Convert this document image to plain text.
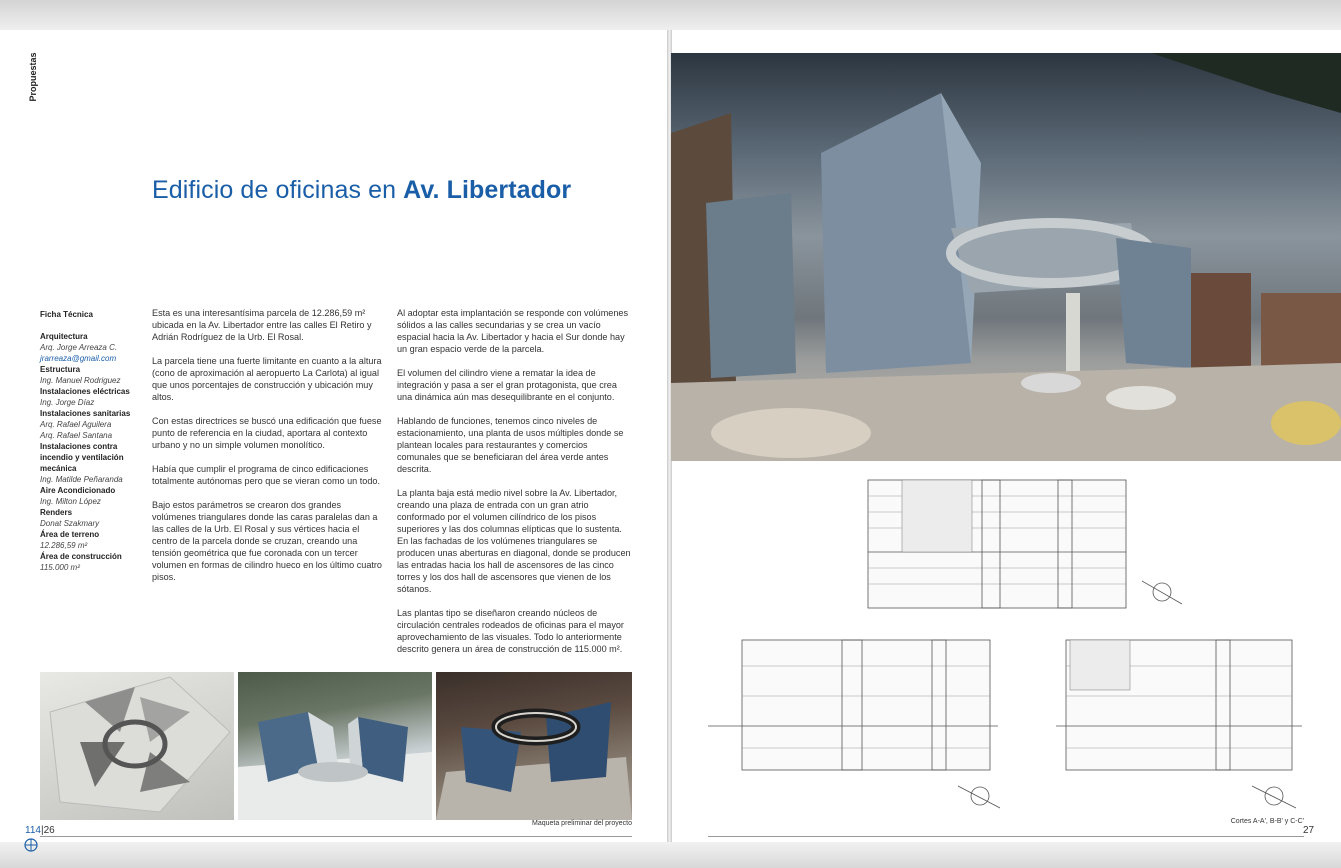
Propuestas
Edificio de oficinas en Av. Libertador
Ficha Técnica
Arquitectura
Arq. Jorge Arreaza C.
jrarreaza@gmail.com
Estructura
Ing. Manuel Rodriguez
Instalaciones eléctricas
Ing. Jorge Díaz
Instalaciones sanitarias
Arq. Rafael Aguilera
Arq. Rafael Santana
Instalaciones contra incendio y ventilación mecánica
Ing. Matilde Peñaranda
Aire Acondicionado
Ing. Milton López
Renders
Donat Szakmary
Área de terreno
12.286,59 m²
Área de construcción
115.000 m²

Esta es una interesantísima parcela de 12.286,59 m² ubicada en la Av. Libertador entre las calles El Retiro y Adrián Rodríguez de la Urb. El Rosal.

La parcela tiene una fuerte limitante en cuanto a la altura (cono de aproximación al aeropuerto La Carlota) al igual que unos porcentajes de construcción y ubicación muy altos.

Con estas directrices se buscó una edificación que fuese punto de referencia en la ciudad, aportara al contexto urbano y no un simple volumen monolítico.

Había que cumplir el programa de cinco edificaciones totalmente autónomas pero que se vieran como un todo.

Bajo estos parámetros se crearon dos grandes volúmenes triangulares donde las caras paralelas dan a las calles de la Urb. El Rosal y sus vértices hacia el centro de la parcela donde se cruzan, creando una tensión geométrica que fue coronada con un tercer volumen en formas de cilindro hueco en los último cuatro pisos.

Al adoptar esta implantación se responde con volúmenes sólidos a las calles secundarias y se crea un vacío espacial hacia la Av. Libertador y hacia el Sur donde hay un gran espacio verde de la parcela.

El volumen del cilindro viene a rematar la idea de integración y pasa a ser el gran protagonista, que crea una dinámica aún mas desequilibrante en el conjunto.

Hablando de funciones, tenemos cinco niveles de estacionamiento, una planta de usos múltiples donde se plantean locales para restaurantes y comercios comunales que se beneficiaran del área verde antes descrita.

La planta baja está medio nivel sobre la Av. Libertador, creando una plaza de entrada con un gran atrio conformado por el volumen cilíndrico de los pisos superiores y las dos columnas elípticas que lo sustenta. En las fachadas de los volúmenes triangulares se producen unas aberturas en diagonal, donde se producen las entradas hacia los hall de ascensores de las cinco torres y los dos hall de ascensores que vienen de los sótanos.

Las plantas tipo se diseñaron creando núcleos de circulación centrales rodeados de oficinas para el mayor aprovechamiento de las visuales. Todo lo anteriormente descrito genera un área de construcción de 115.000 m².

Maqueta preliminar del proyecto
114|26
Cortes A-A', B-B' y C-C'
27
